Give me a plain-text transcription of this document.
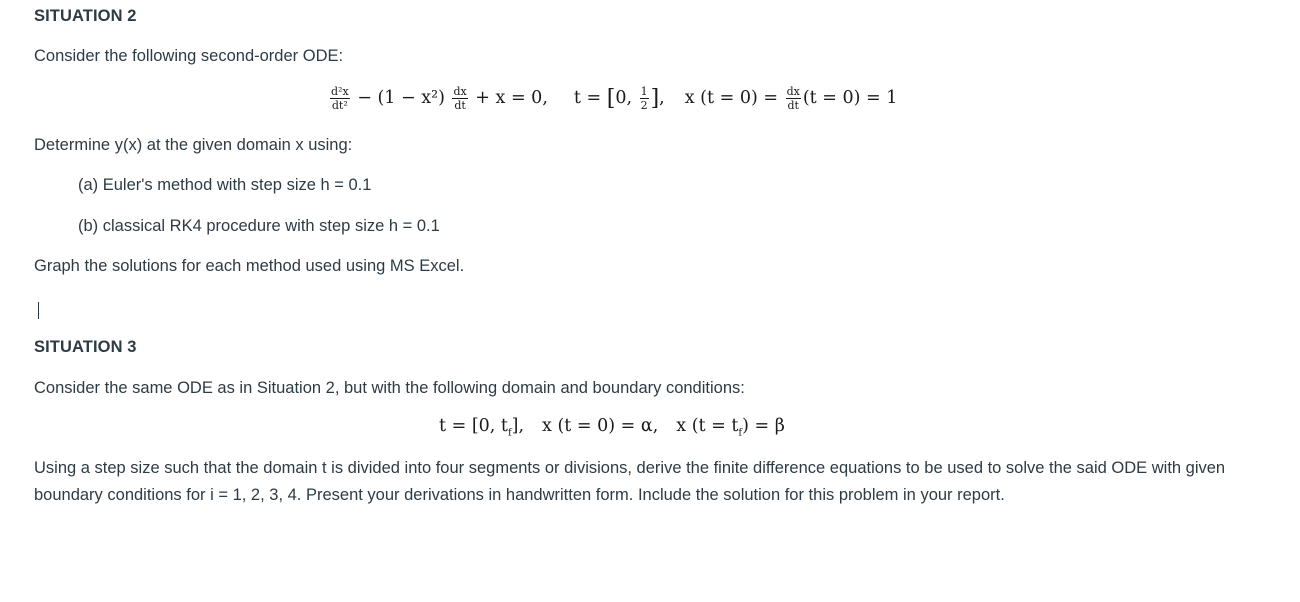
SITUATION 2
Consider the following second-order ODE:
$\frac{\text{d²x}}{\text{dt²}} - (1 - x^2) \frac{dx}{dt} + x = 0$, t = [0, $\frac{1}{2}$ ], x $(t = 0) = \frac{dx}{dt} (t = 0) = 1$
Determine y(x) at the given domain x using:
(a) Euler's method with step size h = 0.1
(b) classical RK4 procedure with step size h = 0.1
Graph the solutions for each method used using MS Excel.
SITUATION 3
Consider the same ODE as in Situation 2, but with the following domain and boundary conditions:
t = [0, $t_f$], x (t = 0) = α, x $(t = t_f) = \beta$
Using a step size such that the domain t is divided into four segments or divisions, derive the finite difference equations to be used to solve the said ODE with given boundary conditions for i = 1, 2, 3, 4. Present your derivations in handwritten form. Include the solution for this problem in your report.
